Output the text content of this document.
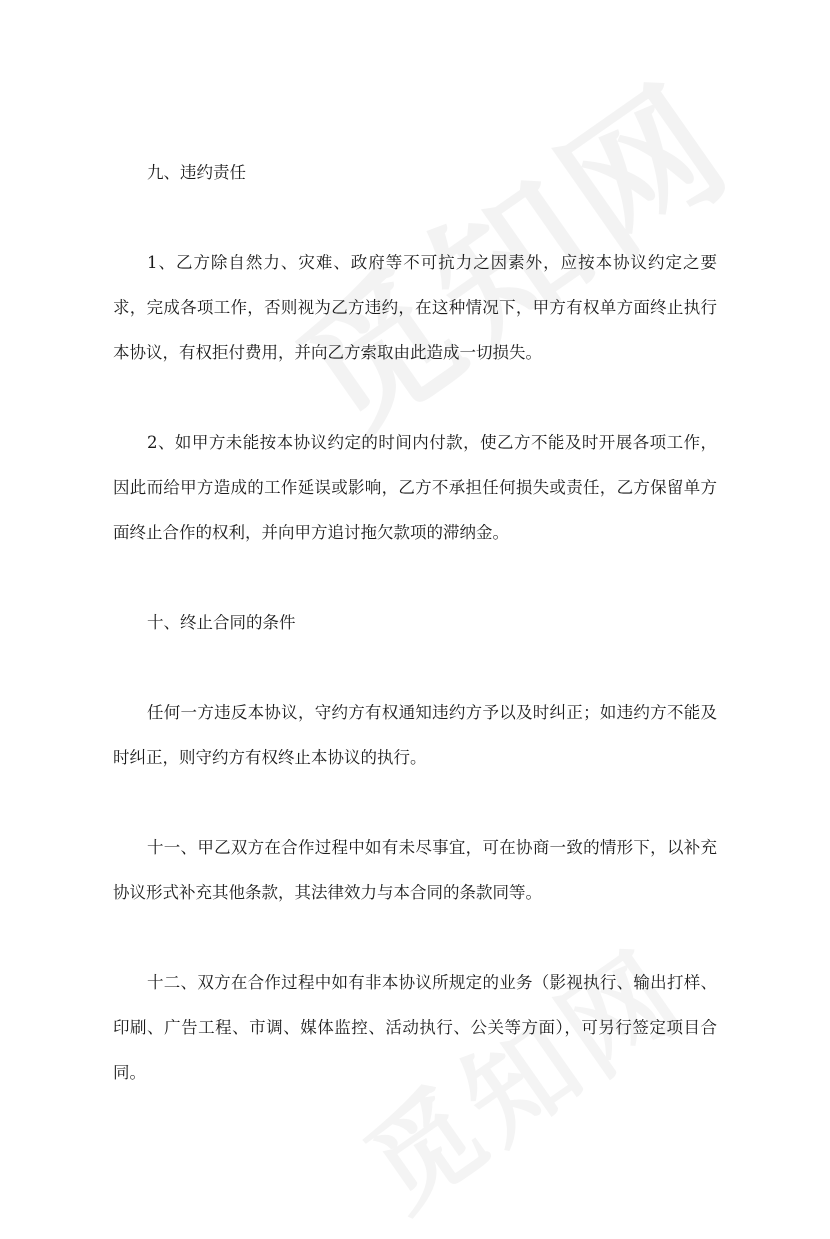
九、违约责任

1、乙方除自然力、灾难、政府等不可抗力之因素外，应按本协议约定之要求，完成各项工作，否则视为乙方违约，在这种情况下，甲方有权单方面终止执行本协议，有权拒付费用，并向乙方索取由此造成一切损失。

2、如甲方未能按本协议约定的时间内付款，使乙方不能及时开展各项工作，因此而给甲方造成的工作延误或影响，乙方不承担任何损失或责任，乙方保留单方面终止合作的权利，并向甲方追讨拖欠款项的滞纳金。

十、终止合同的条件

任何一方违反本协议，守约方有权通知违约方予以及时纠正；如违约方不能及时纠正，则守约方有权终止本协议的执行。

十一、甲乙双方在合作过程中如有未尽事宜，可在协商一致的情形下，以补充协议形式补充其他条款，其法律效力与本合同的条款同等。

十二、双方在合作过程中如有非本协议所规定的业务（影视执行、输出打样、印刷、广告工程、市调、媒体监控、活动执行、公关等方面），可另行签定项目合同。
